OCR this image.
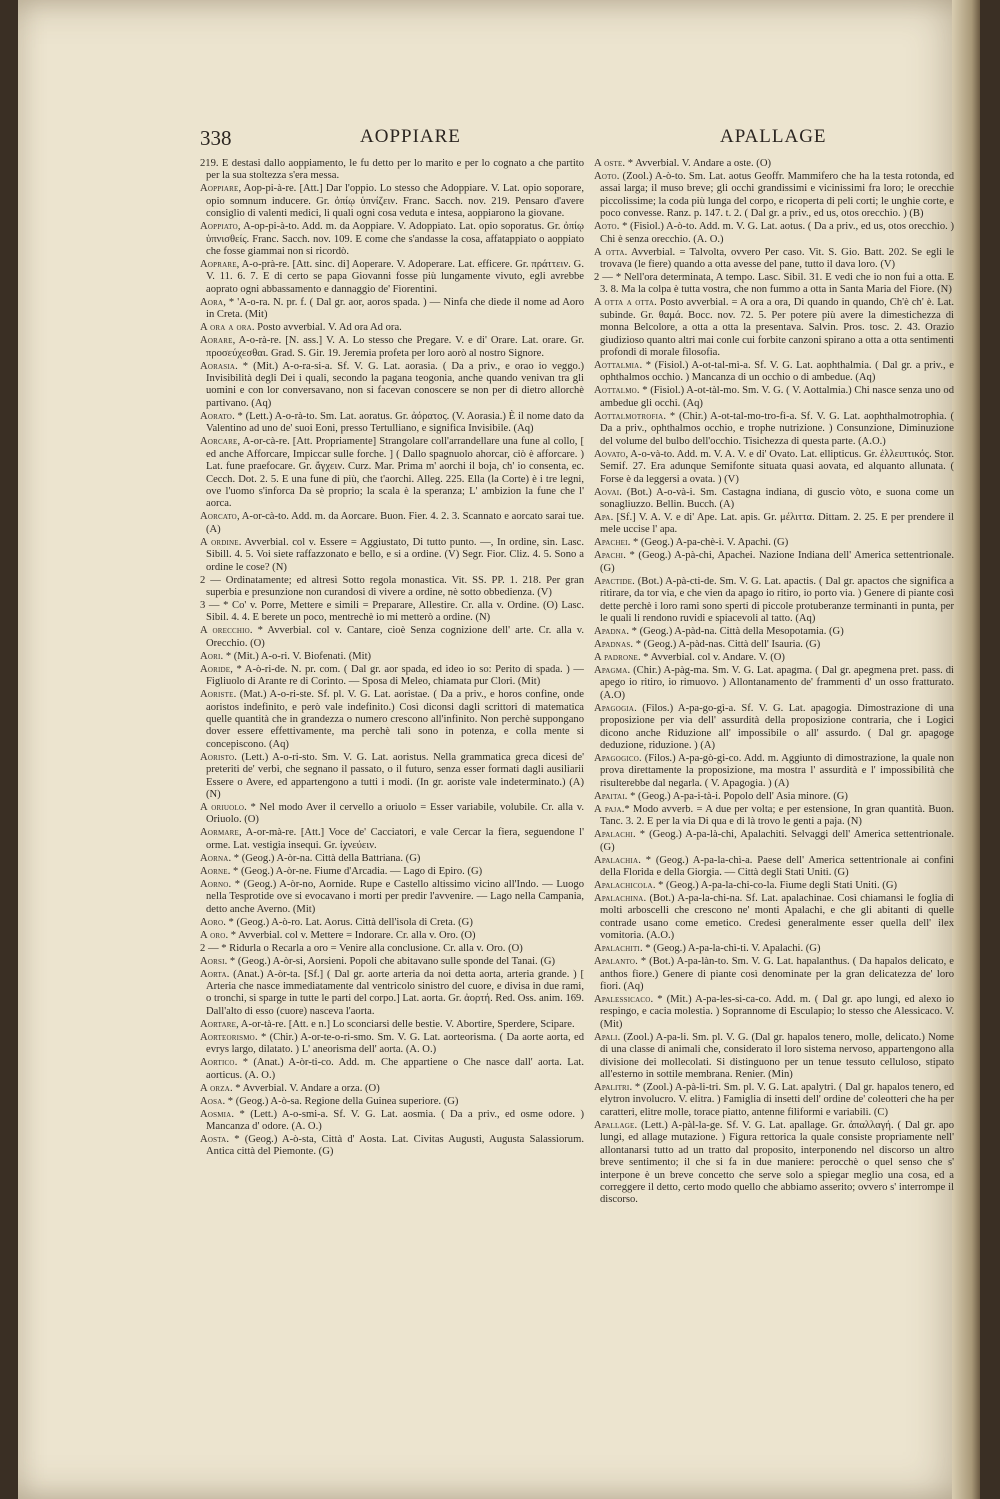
338	AOPPIARE	APALLAGE

219. E destasi dallo aoppiamento, le fu detto per lo marito e per lo cognato a che partito per la sua stoltezza s'era messa.

Aoppiare, Aop-pi-à-re. [Att.] Dar l'oppio. Lo stesso che Adoppiare. V. Lat. opio soporare, opio somnum inducere. Gr. ὀπίῳ ὑπνίζειν. Franc. Sacch. nov. 219. Pensaro d'avere consiglio di valenti medici, li quali ogni cosa veduta e intesa, aoppiarono la giovane.

Aoppiato, A-op-pi-à-to. Add. m. da Aoppiare. V. Adoppiato. Lat. opio soporatus. Gr. ὀπίῳ ὑπνισθείς. Franc. Sacch. nov. 109. E come che s'andasse la cosa, affatappiato o aoppiato che fosse giammai non si ricordò.

Aoprare, A-o-prà-re. [Att. sinc. di] Aoperare. V. Adoperare. Lat. efficere. Gr. πράττειν. G. V. 11. 6. 7. E di certo se papa Giovanni fosse più lungamente vivuto, egli avrebbe aoprato ogni abbassamento e dannaggio de' Fiorentini.

Aora, * 'A-o-ra. N. pr. f. ( Dal gr. aor, aoros spada. ) — Ninfa che diede il nome ad Aoro in Creta. (Mit)

A ora a ora. Posto avverbial. V. Ad ora Ad ora.

Aorare, A-o-rà-re. [N. ass.] V. A. Lo stesso che Pregare. V. e di' Orare. Lat. orare. Gr. προσεύχεσθαι. Grad. S. Gir. 19. Jeremia profeta per loro aorò al nostro Signore.

Aorasia. * (Mit.) A-o-ra-si-a. Sf. V. G. Lat. aorasia. ( Da a priv., e orao io veggo.) Invisibilità degli Dei i quali, secondo la pagana teogonia, anche quando venivan tra gli uomini e con lor conversavano, non si facevan conoscere se non per di dietro allorchè partivano. (Aq)

Aorato. * (Lett.) A-o-rà-to. Sm. Lat. aoratus. Gr. ἀόρατος. (V. Aorasia.) È il nome dato da Valentino ad uno de' suoi Eoni, presso Tertulliano, e significa Invisibile. (Aq)

Aorcare, A-or-cà-re. [Att. Propriamente] Strangolare coll'arrandellare una fune al collo, [ ed anche Afforcare, Impiccar sulle forche. ] ( Dallo spagnuolo ahorcar, ciò è afforcare. ) Lat. fune praefocare. Gr. ἄγχειν. Curz. Mar. Prima m' aorchi il boja, ch' io consenta, ec. Cecch. Dot. 2. 5. E una fune di più, che t'aorchi. Alleg. 225. Ella (la Corte) è i tre legni, ove l'uomo s'inforca Da sè proprio; la scala è la speranza; L' ambizion la fune che l' aorca.

Aorcato, A-or-cà-to. Add. m. da Aorcare. Buon. Fier. 4. 2. 3. Scannato e aorcato sarai tue. (A)

A ordine. Avverbial. col v. Essere = Aggiustato, Di tutto punto. —, In ordine, sin. Lasc. Sibill. 4. 5. Voi siete raffazzonato e bello, e si a ordine. (V) Segr. Fior. Cliz. 4. 5. Sono a ordine le cose? (N)

2 — Ordinatamente; ed altresì Sotto regola monastica. Vit. SS. PP. 1. 218. Per gran superbia e presunzione non curandosi di vivere a ordine, nè sotto obbedienza. (V)

3 — * Co' v. Porre, Mettere e simili = Preparare, Allestire. Cr. alla v. Ordine. (O) Lasc. Sibil. 4. 4. E berete un poco, mentrechè io mi metterò a ordine. (N)

A orecchio. * Avverbial. col v. Cantare, cioè Senza cognizione dell' arte. Cr. alla v. Orecchio. (O)

Aori. * (Mit.) A-o-ri. V. Biofenati. (Mit)

Aoride, * A-ò-ri-de. N. pr. com. ( Dal gr. aor spada, ed ideo io so: Perito di spada. ) — Figliuolo di Arante re di Corinto. — Sposa di Meleo, chiamata pur Clori. (Mit)

Aoriste. (Mat.) A-o-ri-ste. Sf. pl. V. G. Lat. aoristae. ( Da a priv., e horos confine, onde aoristos indefinito, e però vale indefinito.) Così diconsi dagli scrittori di matematica quelle quantità che in grandezza o numero crescono all'infinito. Non perchè suppongano dover essere effettivamente, ma perchè tali sono in potenza, e colla mente si concepiscono. (Aq)

Aoristo. (Lett.) A-o-ri-sto. Sm. V. G. Lat. aoristus. Nella grammatica greca dicesi de' preteriti de' verbi, che segnano il passato, o il futuro, senza esser formati dagli ausiliarii Essere o Avere, ed appartengono a tutti i modi. (In gr. aoriste vale indeterminato.) (A) (N)

A oriuolo. * Nel modo Aver il cervello a oriuolo = Esser variabile, volubile. Cr. alla v. Oriuolo. (O)

Aormare, A-or-mà-re. [Att.] Voce de' Cacciatori, e vale Cercar la fiera, seguendone l' orme. Lat. vestigia insequi. Gr. ἰχνεύειν.

Aorna. * (Geog.) A-òr-na. Città della Battriana. (G)

Aorne. * (Geog.) A-òr-ne. Fiume d'Arcadia. — Lago di Epiro. (G)

Aorno. * (Geog.) A-òr-no, Aornide. Rupe e Castello altissimo vicino all'Indo. — Luogo nella Tesprotide ove si evocavano i morti per predir l'avvenire. — Lago nella Campania, detto anche Averno. (Mit)

Aoro. * (Geog.) A-ò-ro. Lat. Aorus. Città dell'isola di Creta. (G)

A oro. * Avverbial. col v. Mettere = Indorare. Cr. alla v. Oro. (O)

2 — * Ridurla o Recarla a oro = Venire alla conclusione. Cr. alla v. Oro. (O)

Aorsi. * (Geog.) A-òr-si, Aorsieni. Popoli che abitavano sulle sponde del Tanai. (G)

Aorta. (Anat.) A-òr-ta. [Sf.] ( Dal gr. aorte arteria da noi detta aorta, arteria grande. ) [ Arteria che nasce immediatamente dal ventricolo sinistro del cuore, e divisa in due rami, o tronchi, si sparge in tutte le parti del corpo.] Lat. aorta. Gr. ἀορτή. Red. Oss. anim. 169. Dall'alto di esso (cuore) nasceva l'aorta.

Aortare, A-or-tà-re. [Att. e n.] Lo sconciarsi delle bestie. V. Abortire, Sperdere, Scipare.

Aorteorismo. * (Chir.) A-or-te-o-ri-smo. Sm. V. G. Lat. aorteorisma. ( Da aorte aorta, ed evrys largo, dilatato. ) L' aneorisma dell' aorta. (A. O.)

Aortico. * (Anat.) A-òr-ti-co. Add. m. Che appartiene o Che nasce dall' aorta. Lat. aorticus. (A. O.)

A orza. * Avverbial. V. Andare a orza. (O)

Aosa. * (Geog.) A-ò-sa. Regione della Guinea superiore. (G)

Aosmia. * (Lett.) A-o-smi-a. Sf. V. G. Lat. aosmia. ( Da a priv., ed osme odore. ) Mancanza d' odore. (A. O.)

Aosta. * (Geog.) A-ò-sta, Città d' Aosta. Lat. Civitas Augusti, Augusta Salassiorum. Antica città del Piemonte. (G)

A oste. * Avverbial. V. Andare a oste. (O)

Aoto. (Zool.) A-ò-to. Sm. Lat. aotus Geoffr. Mammifero che ha la testa rotonda, ed assai larga; il muso breve; gli occhi grandissimi e vicinissimi fra loro; le orecchie piccolissime; la coda più lunga del corpo, e ricoperta di peli corti; le unghie corte, e poco convesse. Ranz. p. 147. t. 2. ( Dal gr. a priv., ed us, otos orecchio. ) (B)

Aoto. * (Fisiol.) A-ò-to. Add. m. V. G. Lat. aotus. ( Da a priv., ed us, otos orecchio. ) Chi è senza orecchio. (A. O.)

A otta. Avverbial. = Talvolta, ovvero Per caso. Vit. S. Gio. Batt. 202. Se egli le trovava (le fiere) quando a otta avesse del pane, tutto il dava loro. (V)

2 — * Nell'ora determinata, A tempo. Lasc. Sibil. 31. E vedi che io non fui a otta. E 3. 8. Ma la colpa è tutta vostra, che non fummo a otta in Santa Maria del Fiore. (N)

A otta a otta. Posto avverbial. = A ora a ora, Di quando in quando, Ch'è ch' è. Lat. subinde. Gr. θαμά. Bocc. nov. 72. 5. Per potere più avere la dimestichezza di monna Belcolore, a otta a otta la presentava. Salvin. Pros. tosc. 2. 43. Orazio giudizioso quanto altri mai conle cui forbite canzoni spirano a otta a otta sentimenti profondi di morale filosofia.

Aottalmia. * (Fisiol.) A-ot-tal-mì-a. Sf. V. G. Lat. aophthalmia. ( Dal gr. a priv., e ophthalmos occhio. ) Mancanza di un occhio o di ambedue. (Aq)

Aottalmo. * (Fisiol.) A-ot-tàl-mo. Sm. V. G. ( V. Aottalmia.) Chi nasce senza uno od ambedue gli occhi. (Aq)

Aottalmotrofia. * (Chir.) A-ot-tal-mo-tro-fì-a. Sf. V. G. Lat. aophthalmotrophia. ( Da a priv., ophthalmos occhio, e trophe nutrizione. ) Consunzione, Diminuzione del volume del bulbo dell'occhio. Tisichezza di questa parte. (A.O.)

Aovato, A-o-và-to. Add. m. V. A. V. e di' Ovato. Lat. ellipticus. Gr. ἐλλειπτικός. Stor. Semif. 27. Era adunque Semifonte situata quasi aovata, ed alquanto allunata. ( Forse è da leggersi a ovata. ) (V)

Aovai. (Bot.) A-o-và-i. Sm. Castagna indiana, di guscio vòto, e suona come un sonagliuzzo. Bellin. Bucch. (A)

Apa. [Sf.] V. A. V. e di' Ape. Lat. apis. Gr. μέλιττα. Dittam. 2. 25. E per prendere il mele uccise l' apa.

Apachei. * (Geog.) A-pa-chè-i. V. Apachi. (G)

Apachi. * (Geog.) A-pà-chi, Apachei. Nazione Indiana dell' America settentrionale. (G)

Apactide. (Bot.) A-pà-cti-de. Sm. V. G. Lat. apactis. ( Dal gr. apactos che significa a ritirare, da tor via, e che vien da apago io ritiro, io porto via. ) Genere di piante così dette perchè i loro rami sono sperti di piccole protuberanze terminanti in punta, per le quali li rendono ruvidi e spiacevoli al tatto. (Aq)

Apadna. * (Geog.) A-pàd-na. Città della Mesopotamia. (G)

Apadnas. * (Geog.) A-pàd-nas. Città dell' Isauria. (G)

A padrone. * Avverbial. col v. Andare. V. (O)

Apagma. (Chir.) A-pàg-ma. Sm. V. G. Lat. apagma. ( Dal gr. apegmena pret. pass. di apego io ritiro, io rimuovo. ) Allontanamento de' frammenti d' un osso fratturato. (A.O)

Apagogia. (Filos.) A-pa-go-gì-a. Sf. V. G. Lat. apagogia. Dimostrazione di una proposizione per via dell' assurdità della proposizione contraria, che i Logici dicono anche Riduzione all' impossibile o all' assurdo. ( Dal gr. apagoge deduzione, riduzione. ) (A)

Apagogico. (Filos.) A-pa-gò-gi-co. Add. m. Aggiunto di dimostrazione, la quale non prova direttamente la proposizione, ma mostra l' assurdità e l' impossibilità che risulterebbe dal negarla. ( V. Apagogia. ) (A)

Apaitai. * (Geog.) A-pa-i-tà-i. Popolo dell' Asia minore. (G)

A paja.* Modo avverb. = A due per volta; e per estensione, In gran quantità. Buon. Tanc. 3. 2. E per la via Di qua e di là trovo le genti a paja. (N)

Apalachi. * (Geog.) A-pa-là-chi, Apalachiti. Selvaggi dell' America settentrionale. (G)

Apalachia. * (Geog.) A-pa-la-chì-a. Paese dell' America settentrionale ai confini della Florida e della Giorgia. — Città degli Stati Uniti. (G)

Apalachicola. * (Geog.) A-pa-la-chi-co-la. Fiume degli Stati Uniti. (G)

Apalachina. (Bot.) A-pa-la-chi-na. Sf. Lat. apalachinae. Così chiamansi le foglia di molti arboscelli che crescono ne' monti Apalachi, e che gli abitanti di quelle contrade usano come emetico. Credesi generalmente esser quella dell' ilex vomitoria. (A.O.)

Apalachiti. * (Geog.) A-pa-la-chì-ti. V. Apalachi. (G)

Apalanto. * (Bot.) A-pa-làn-to. Sm. V. G. Lat. hapalanthus. ( Da hapalos delicato, e anthos fiore.) Genere di piante così denominate per la gran delicatezza de' loro fiori. (Aq)

Apalessicaco. * (Mit.) A-pa-les-si-ca-co. Add. m. ( Dal gr. apo lungi, ed alexo io respingo, e cacia molestia. ) Soprannome di Esculapio; lo stesso che Alessicaco. V. (Mit)

Apali. (Zool.) A-pa-li. Sm. pl. V. G. (Dal gr. hapalos tenero, molle, delicato.) Nome di una classe di animali che, considerato il loro sistema nervoso, appartengono alla divisione dei mollecolati. Si distinguono per un tenue tessuto celluloso, stipato all'esterno in sottile membrana. Renier. (Min)

Apalitri. * (Zool.) A-pà-li-tri. Sm. pl. V. G. Lat. apalytri. ( Dal gr. hapalos tenero, ed elytron involucro. V. elitra. ) Famiglia di insetti dell' ordine de' coleotteri che ha per caratteri, elitre molle, torace piatto, antenne filiformi e variabili. (C)

Apallage. (Lett.) A-pàl-la-ge. Sf. V. G. Lat. apallage. Gr. ἀπαλλαγή. ( Dal gr. apo lungi, ed allage mutazione. ) Figura rettorica la quale consiste propriamente nell' allontanarsi tutto ad un tratto dal proposito, interponendo nel discorso un altro breve sentimento; il che si fa in due maniere: perocchè o quel senso che s' interpone è un breve concetto che serve solo a spiegar meglio una cosa, ed a correggere il detto, certo modo quello che abbiamo asserito; ovvero s' interrompe il discorso.
